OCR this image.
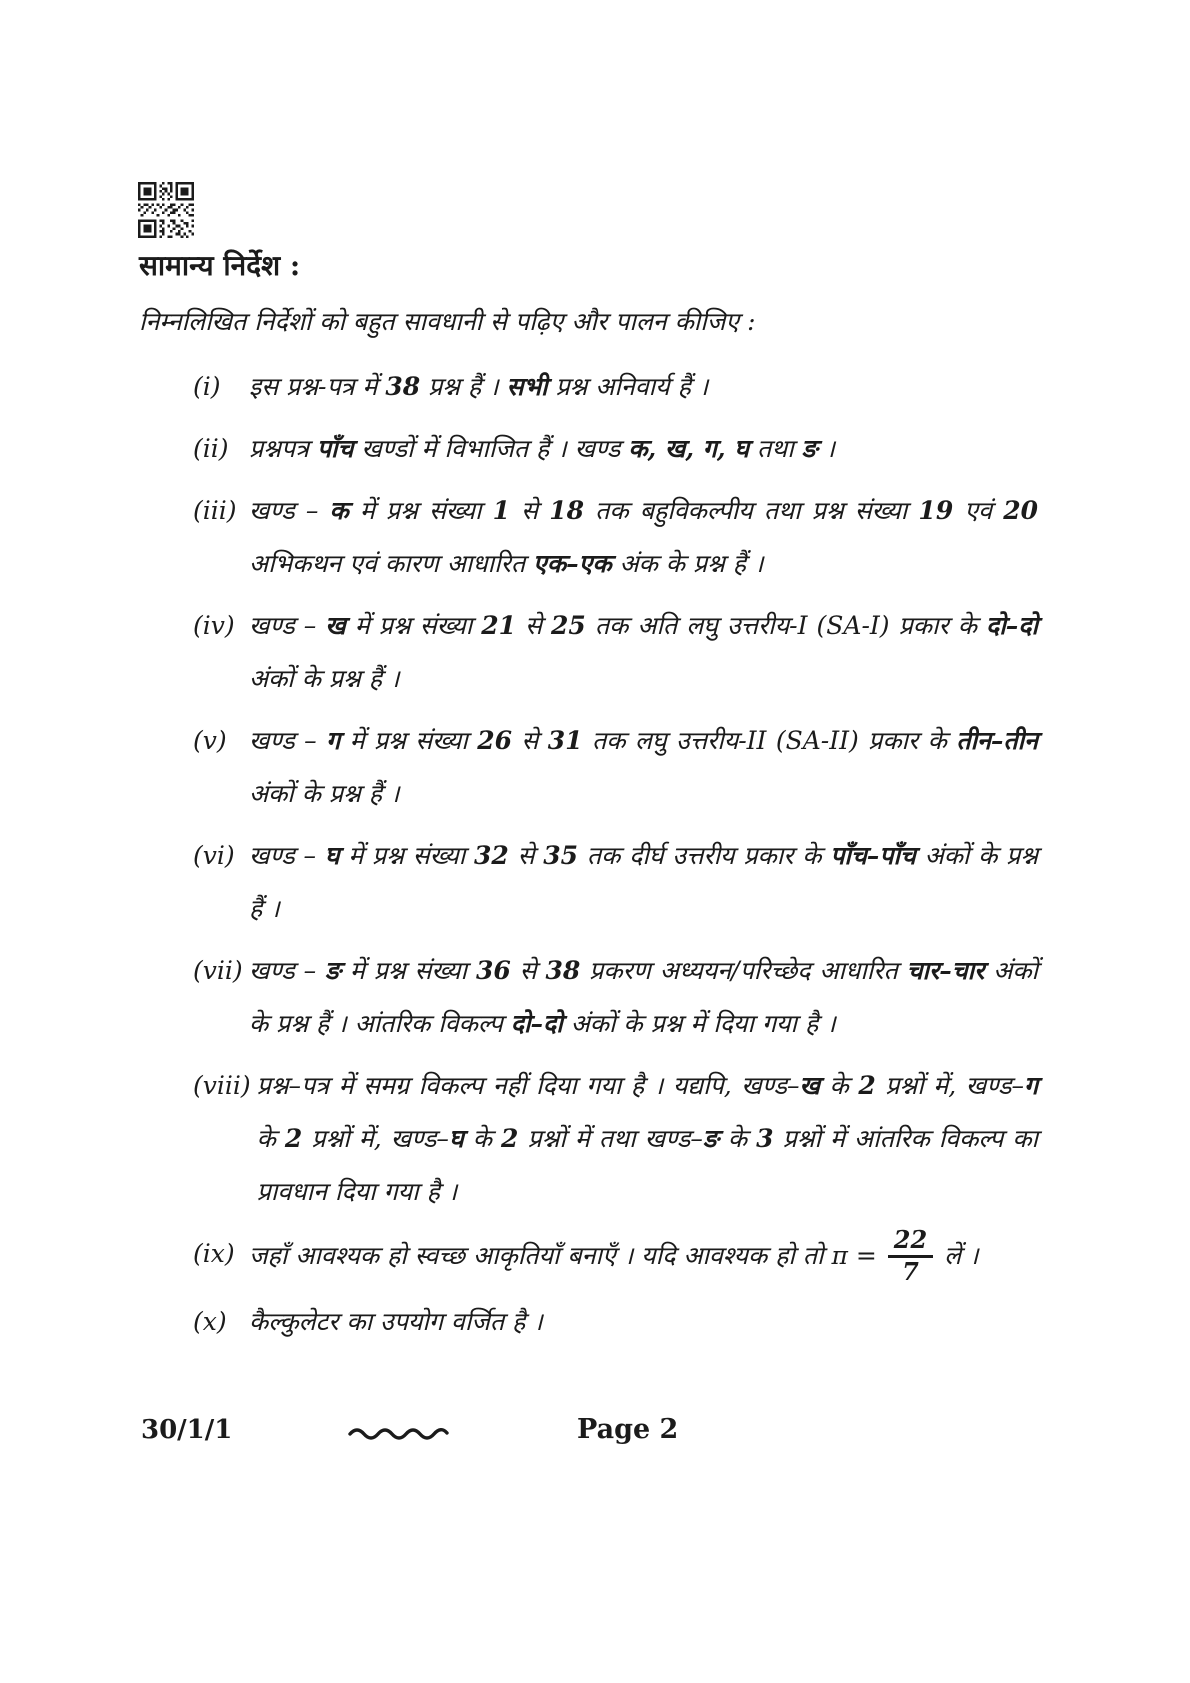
सामान्य निर्देश :

निम्नलिखित निर्देशों को बहुत सावधानी से पढ़िए और पालन कीजिए :

(i)	इस प्रश्न-पत्र में 38 प्रश्न हैं । सभी प्रश्न अनिवार्य हैं ।
(ii) प्रश्नपत्र पाँच खण्डों में विभाजित हैं । खण्ड क, ख, ग, घ तथा ङ ।
(iii) खण्ड – क में प्रश्न संख्या 1 से 18 तक बहुविकल्पीय तथा प्रश्न संख्या 19 एवं 20 अभिकथन एवं कारण आधारित एक–एक अंक के प्रश्न हैं ।
(iv) खण्ड – ख में प्रश्न संख्या 21 से 25 तक अति लघु उत्तरीय-I (SA-I) प्रकार के दो–दो अंकों के प्रश्न हैं ।
(v) खण्ड – ग में प्रश्न संख्या 26 से 31 तक लघु उत्तरीय-II (SA-II) प्रकार के तीन–तीन अंकों के प्रश्न हैं ।
(vi) खण्ड – घ में प्रश्न संख्या 32 से 35 तक दीर्घ उत्तरीय प्रकार के पाँच–पाँच अंकों के प्रश्न हैं ।
(vii) खण्ड – ङ में प्रश्न संख्या 36 से 38 प्रकरण अध्ययन/परिच्छेद आधारित चार–चार अंकों के प्रश्न हैं । आंतरिक विकल्प दो–दो अंकों के प्रश्न में दिया गया है ।
(viii) प्रश्न–पत्र में समग्र विकल्प नहीं दिया गया है । यद्यपि, खण्ड–ख के 2 प्रश्नों में, खण्ड–ग के 2 प्रश्नों में, खण्ड–घ के 2 प्रश्नों में तथा खण्ड–ङ के 3 प्रश्नों में आंतरिक विकल्प का प्रावधान दिया गया है ।
(ix) जहाँ आवश्यक हो स्वच्छ आकृतियाँ बनाएँ । यदि आवश्यक हो तो $\pi = \frac{22}{7}$ लें ।
(x) कैल्कुलेटर का उपयोग वर्जित है ।
30/1/1	Page 2
